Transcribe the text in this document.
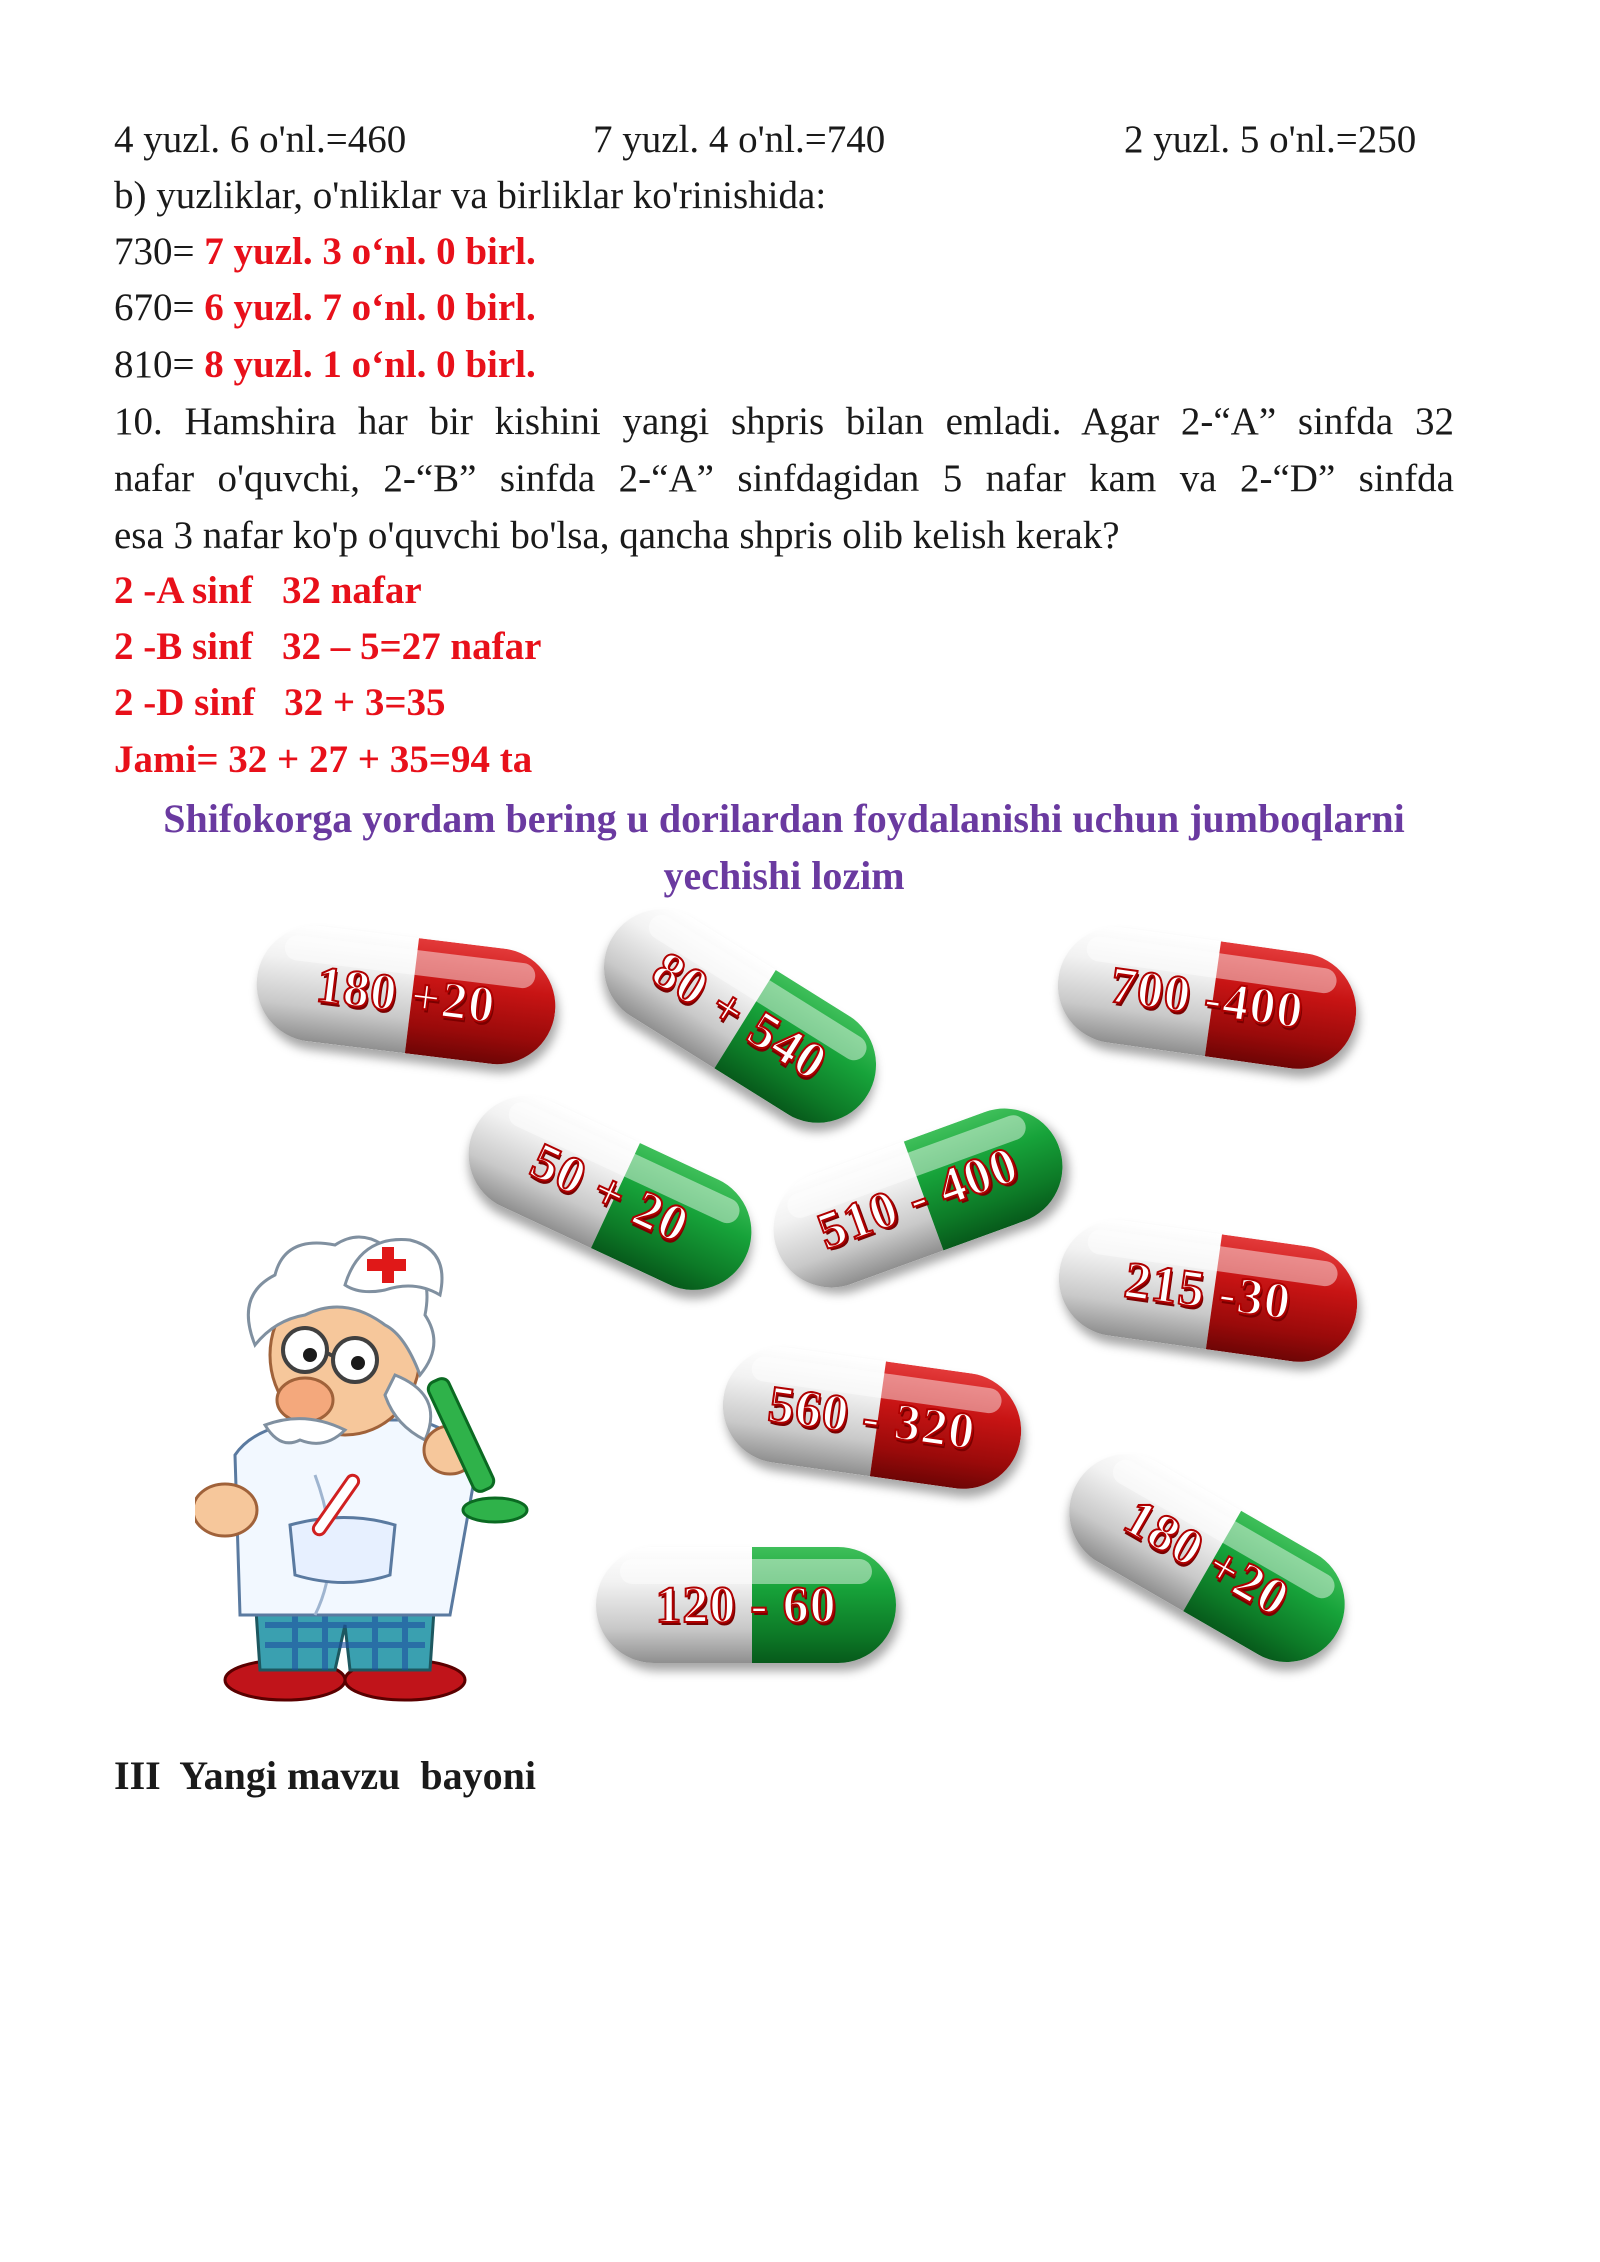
4 yuzl. 6 o'nl.=460	7 yuzl. 4 o'nl.=740	2 yuzl. 5 o'nl.=250
b) yuzliklar, o'nliklar va birliklar ko'rinishida:
730= 7 yuzl. 3 o‘nl. 0 birl.
670= 6 yuzl. 7 o‘nl. 0 birl.
810= 8 yuzl. 1 o‘nl. 0 birl.
10. Hamshira har bir kishini yangi shpris bilan emladi. Agar 2-“A” sinfda 32
nafar o'quvchi, 2-“B” sinfda 2-“A” sinfdagidan 5 nafar kam va 2-“D” sinfda
esa 3 nafar ko'p o'quvchi bo'lsa, qancha shpris olib kelish kerak?
2 -A sinf   32 nafar
2 -B sinf   32 – 5=27 nafar
2 -D sinf   32 + 3=35
Jami= 32 + 27 + 35=94 ta
Shifokorga yordam bering u dorilardan foydalanishi uchun jumboqlarni
yechishi lozim
180 +20	80 + 540	700 -400
50 + 20	510 - 400
215 -30
560 - 320
120 - 60	180 +20
III  Yangi mavzu  bayoni
